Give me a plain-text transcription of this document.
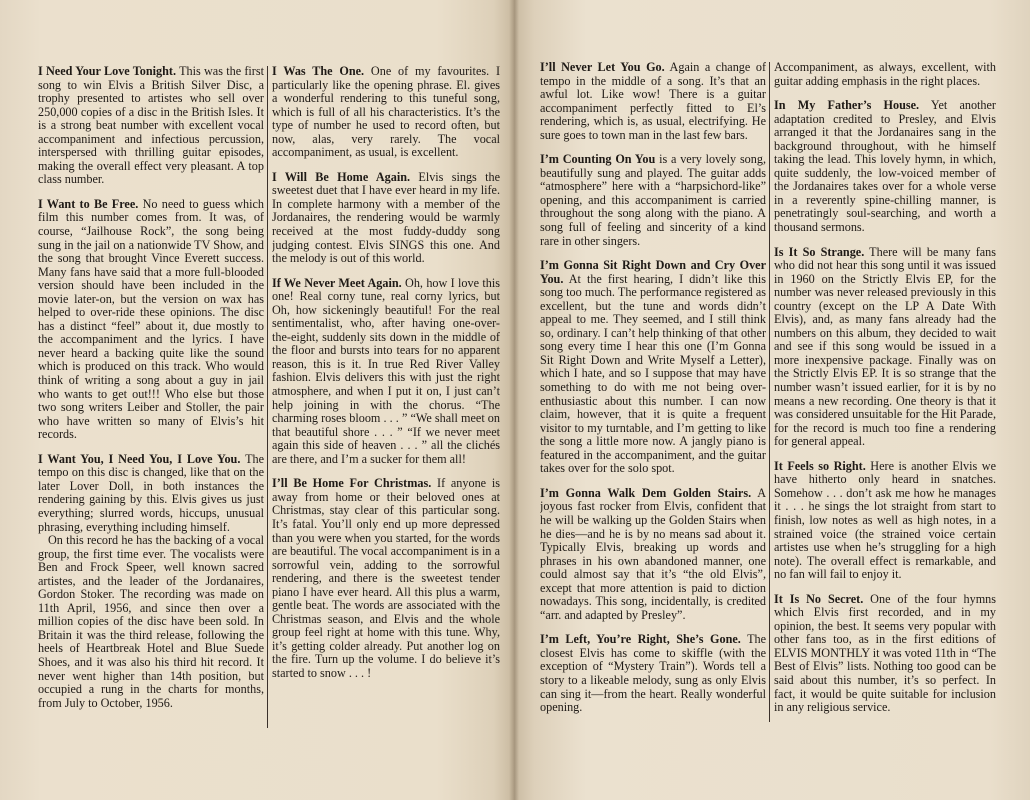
I Need Your Love Tonight. This was the first song to win Elvis a British Silver Disc, a trophy presented to artistes who sell over 250,000 copies of a disc in the British Isles. It is a strong beat number with excellent vocal accompaniment and infectious percussion, interspersed with thrilling guitar episodes, making the overall effect very pleasant. A top class number.

I Want to Be Free. No need to guess which film this number comes from. It was, of course, “Jailhouse Rock”, the song being sung in the jail on a nationwide TV Show, and the song that brought Vince Everett success. Many fans have said that a more full-blooded version should have been included in the movie later-on, but the version on wax has helped to over-ride these opinions. The disc has a distinct “feel” about it, due mostly to the accompaniment and the lyrics. I have never heard a backing quite like the sound which is produced on this track. Who would think of writing a song about a guy in jail who wants to get out!!! Who else but those two song writers Leiber and Stoller, the pair who have written so many of Elvis’s hit records.

I Want You, I Need You, I Love You. The tempo on this disc is changed, like that on the later Lover Doll, in both instances the rendering gaining by this. Elvis gives us just everything; slurred words, hiccups, unusual phrasing, everything including himself.

On this record he has the backing of a vocal group, the first time ever. The vocalists were Ben and Frock Speer, well known sacred artistes, and the leader of the Jordanaires, Gordon Stoker. The recording was made on 11th April, 1956, and since then over a million copies of the disc have been sold. In Britain it was the third release, following the heels of Heartbreak Hotel and Blue Suede Shoes, and it was also his third hit record. It never went higher than 14th position, but occupied a rung in the charts for months, from July to October, 1956.

I Was The One. One of my favourites. I particularly like the opening phrase. El. gives a wonderful rendering to this tuneful song, which is full of all his characteristics. It’s the type of number he used to record often, but now, alas, very rarely. The vocal accompaniment, as usual, is excellent.

I Will Be Home Again. Elvis sings the sweetest duet that I have ever heard in my life. In complete harmony with a member of the Jordanaires, the rendering would be warmly received at the most fuddy-duddy song judging contest. Elvis SINGS this one. And the melody is out of this world.

If We Never Meet Again. Oh, how I love this one! Real corny tune, real corny lyrics, but Oh, how sickeningly beautiful! For the real sentimentalist, who, after having one-over-the-eight, suddenly sits down in the middle of the floor and bursts into tears for no apparent reason, this is it. In true Red River Valley fashion. Elvis delivers this with just the right atmosphere, and when I put it on, I just can’t help joining in with the chorus. “The charming roses bloom . . . ” “We shall meet on that beautiful shore . . . ” “If we never meet again this side of heaven . . . ” all the clichés are there, and I’m a sucker for them all!

I’ll Be Home For Christmas. If anyone is away from home or their beloved ones at Christmas, stay clear of this particular song. It’s fatal. You’ll only end up more depressed than you were when you started, for the words are beautiful. The vocal accompaniment is in a sorrowful vein, adding to the sorrowful rendering, and there is the sweetest tender piano I have ever heard. All this plus a warm, gentle beat. The words are associated with the Christmas season, and Elvis and the whole group feel right at home with this tune. Why, it’s getting colder already. Put another log on the fire. Turn up the volume. I do believe it’s started to snow . . . !

I’ll Never Let You Go. Again a change of tempo in the middle of a song. It’s that an awful lot. Like wow! There is a guitar accompaniment perfectly fitted to El’s rendering, which is, as usual, electrifying. He sure goes to town man in the last few bars.

I’m Counting On You is a very lovely song, beautifully sung and played. The guitar adds “atmosphere” here with a “harpsichord-like” opening, and this accompaniment is carried throughout the song along with the piano. A song full of feeling and sincerity of a kind rare in other singers.

I’m Gonna Sit Right Down and Cry Over You. At the first hearing, I didn’t like this song too much. The performance registered as excellent, but the tune and words didn’t appeal to me. They seemed, and I still think so, ordinary. I can’t help thinking of that other song every time I hear this one (I’m Gonna Sit Right Down and Write Myself a Letter), which I hate, and so I suppose that may have something to do with me not being over-enthusiastic about this number. I can now claim, however, that it is quite a frequent visitor to my turntable, and I’m getting to like the song a little more now. A jangly piano is featured in the accompaniment, and the guitar takes over for the solo spot.

I’m Gonna Walk Dem Golden Stairs. A joyous fast rocker from Elvis, confident that he will be walking up the Golden Stairs when he dies—and he is by no means sad about it. Typically Elvis, breaking up words and phrases in his own abandoned manner, one could almost say that it’s “the old Elvis”, except that more attention is paid to diction nowadays. This song, incidentally, is credited “arr. and adapted by Presley”.

I’m Left, You’re Right, She’s Gone. The closest Elvis has come to skiffle (with the exception of “Mystery Train”). Words tell a story to a likeable melody, sung as only Elvis can sing it—from the heart. Really wonderful opening.

Accompaniment, as always, excellent, with guitar adding emphasis in the right places.

In My Father’s House. Yet another adaptation credited to Presley, and Elvis arranged it that the Jordanaires sang in the background throughout, with he himself taking the lead. This lovely hymn, in which, quite suddenly, the low-voiced member of the Jordanaires takes over for a whole verse in a reverently spine-chilling manner, is penetratingly soul-searching, and worth a thousand sermons.

Is It So Strange. There will be many fans who did not hear this song until it was issued in 1960 on the Strictly Elvis EP, for the number was never released previously in this country (except on the LP A Date With Elvis), and, as many fans already had the numbers on this album, they decided to wait and see if this song would be issued in a more inexpensive package. Finally was on the Strictly Elvis EP. It is so strange that the number wasn’t issued earlier, for it is by no means a new recording. One theory is that it was considered unsuitable for the Hit Parade, for the record is much too fine a rendering for general appeal.

It Feels so Right. Here is another Elvis we have hitherto only heard in snatches. Somehow . . . don’t ask me how he manages it . . . he sings the lot straight from start to finish, low notes as well as high notes, in a strained voice (the strained voice certain artistes use when he’s struggling for a high note). The overall effect is remarkable, and no fan will fail to enjoy it.

It Is No Secret. One of the four hymns which Elvis first recorded, and in my opinion, the best. It seems very popular with other fans too, as in the first editions of ELVIS MONTHLY it was voted 11th in “The Best of Elvis” lists. Nothing too good can be said about this number, it’s so perfect. In fact, it would be quite suitable for inclusion in any religious service.
